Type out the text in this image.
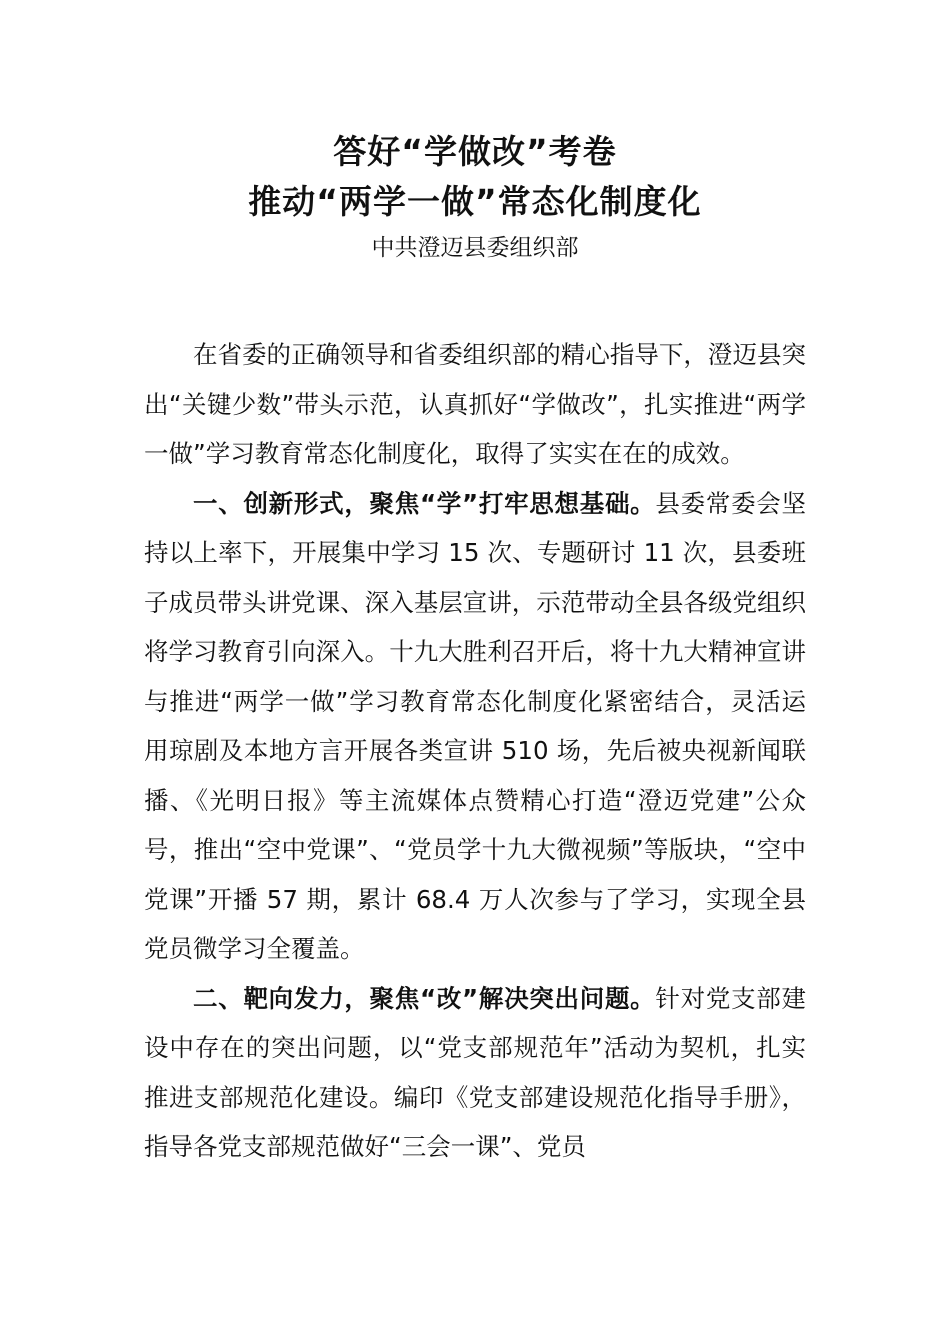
答好“学做改”考卷
推动“两学一做”常态化制度化

中共澄迈县委组织部

在省委的正确领导和省委组织部的精心指导下，澄迈县突出“关键少数”带头示范，认真抓好“学做改”，扎实推进“两学一做”学习教育常态化制度化，取得了实实在在的成效。

一、创新形式，聚焦“学”打牢思想基础。县委常委会坚持以上率下，开展集中学习 15 次、专题研讨 11 次，县委班子成员带头讲党课、深入基层宣讲，示范带动全县各级党组织将学习教育引向深入。十九大胜利召开后，将十九大精神宣讲与推进“两学一做”学习教育常态化制度化紧密结合，灵活运用琼剧及本地方言开展各类宣讲 510 场，先后被央视新闻联播、《光明日报》等主流媒体点赞精心打造“澄迈党建”公众号，推出“空中党课”、“党员学十九大微视频”等版块，“空中党课”开播 57 期，累计 68.4 万人次参与了学习，实现全县党员微学习全覆盖。

二、靶向发力，聚焦“改”解决突出问题。针对党支部建设中存在的突出问题，以“党支部规范年”活动为契机，扎实推进支部规范化建设。编印《党支部建设规范化指导手册》，指导各党支部规范做好“三会一课”、党员
